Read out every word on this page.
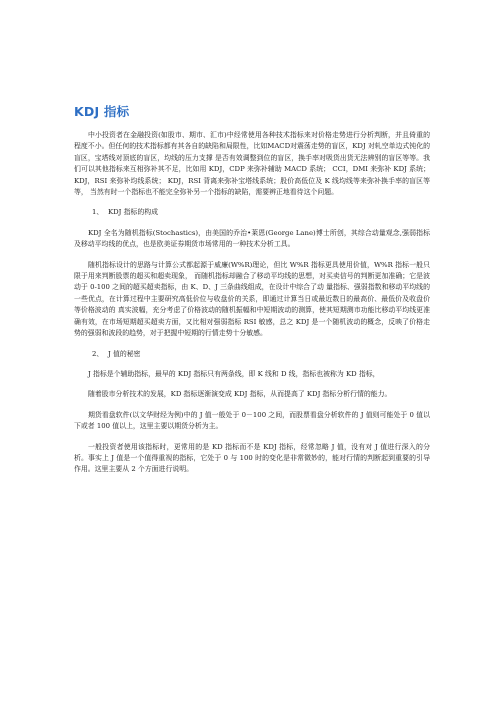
KDJ 指标

中小投资者在金融投资(如股市、期市、汇市)中经常使用各种技术指标来对价格走势进行分析判断，并且倚重的程度不小。但任何的技术指标都有其各自的缺陷和局限性，比如MACD对震荡走势的盲区，KDJ 对轧空单边式钝化的盲区，宝塔线对顶底的盲区，均线的压力支撑 是否有效调整到位的盲区，换手率对吸货出货无法辨别的盲区等等。我们可以其他指标来互相弥补其不足，比如用 KDJ，CDP 来弥补辅助 MACD 系统； CCI，DMI 来弥补 KDJ 系统；KDJ，RSI 来弥补均线系统； KDJ，RSI 背离来弥补宝塔线系统；股价高低位及 K 线均线等来弥补换手率的盲区等等， 当然有时一个指标也不能完全弥补另一个指标的缺陷，需要辨正地看待这个问题。

1、 KDJ 指标的构成

KDJ 全名为随机指标(Stochastics)，由美国的乔治•莱恩(George Lane)博士所创，其综合动量观念,强弱指标及移动平均线的优点，也是欧美证券期货市场常用的一种技术分析工具。

随机指标设计的思路与计算公式都起源于威廉(W%R)理论，但比 W%R 指标更具使用价值，W%R 指标一般只限于用来判断股票的超买和超卖现象， 而随机指标却融合了移动平均线的思想，对买卖信号的判断更加准确；它是波动于 0-100 之间的超买超卖指标，由 K、D、J 三条曲线组成，在设计中综合了动 量指标、强弱指数和移动平均线的一些优点，在计算过程中主要研究高低价位与收盘价的关系，即通过计算当日或最近数日的最高价、最低价及收盘价等价格波动的 真实波幅，充分考虑了价格波动的随机振幅和中短期波动的测算，使其短期测市功能比移动平均线更准确有效，在市场短期超买超卖方面，又比相对强弱指标 RSI 敏感，总之 KDJ 是一个随机波动的概念，反映了价格走势的强弱和波段的趋势，对于把握中短期的行情走势十分敏感。

2、 J 值的秘密

J 指标是个辅助指标，最早的 KDJ 指标只有两条线，即 K 线和 D 线，指标也被称为 KD 指标，

随着股市分析技术的发展，KD 指标逐渐演变成 KDJ 指标，从而提高了 KDJ 指标分析行情的能力。

期货看盘软件(以文华财经为例)中的 J 值一般处于 0－100 之间，而股票看盘分析软件的 J 值则可能处于 0 值以下或者 100 值以上，这里主要以期货分析为主。

一般投资者使用该指标时，更常用的是 KD 指标而不是 KDJ 指标，经常忽略 J 值，没有对 J 值进行深入的分析。事实上 J 值是一个值得重视的指标，它处于 0 与 100 时的变化是非常微妙的，能对行情的判断起到重要的引导作用。这里主要从 2 个方面进行说明。
